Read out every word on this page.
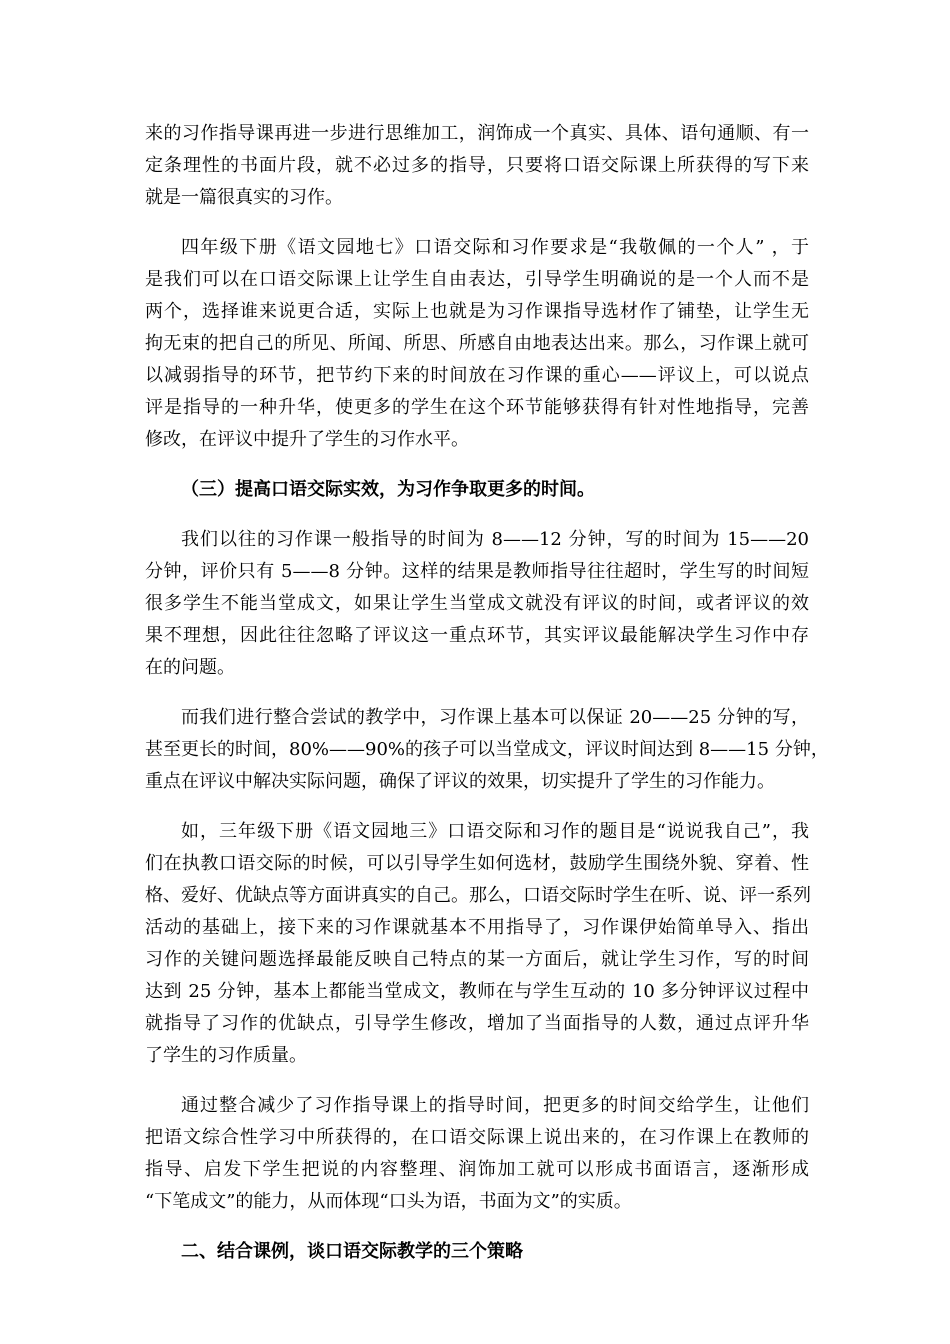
来的习作指导课再进一步进行思维加工，润饰成一个真实、具体、语句通顺、有一
定条理性的书面片段，就不必过多的指导，只要将口语交际课上所获得的写下来
就是一篇很真实的习作。
四年级下册《语文园地七》口语交际和习作要求是“我敬佩的一个人” ，于
是我们可以在口语交际课上让学生自由表达，引导学生明确说的是一个人而不是
两个，选择谁来说更合适，实际上也就是为习作课指导选材作了铺垫，让学生无
拘无束的把自己的所见、所闻、所思、所感自由地表达出来。那么，习作课上就可
以减弱指导的环节，把节约下来的时间放在习作课的重心——评议上，可以说点
评是指导的一种升华，使更多的学生在这个环节能够获得有针对性地指导，完善
修改，在评议中提升了学生的习作水平。
（三）提高口语交际实效，为习作争取更多的时间。
我们以往的习作课一般指导的时间为 8——12 分钟，写的时间为 15——20
分钟，评价只有 5——8 分钟。这样的结果是教师指导往往超时，学生写的时间短
很多学生不能当堂成文，如果让学生当堂成文就没有评议的时间，或者评议的效
果不理想，因此往往忽略了评议这一重点环节，其实评议最能解决学生习作中存
在的问题。
而我们进行整合尝试的教学中，习作课上基本可以保证 20——25 分钟的写，
甚至更长的时间，80%——90%的孩子可以当堂成文，评议时间达到 8——15 分钟，
重点在评议中解决实际问题，确保了评议的效果，切实提升了学生的习作能力。
如，三年级下册《语文园地三》口语交际和习作的题目是“说说我自己”，我
们在执教口语交际的时候，可以引导学生如何选材，鼓励学生围绕外貌、穿着、性
格、爱好、优缺点等方面讲真实的自己。那么，口语交际时学生在听、说、评一系列
活动的基础上，接下来的习作课就基本不用指导了，习作课伊始简单导入、指出
习作的关键问题选择最能反映自己特点的某一方面后，就让学生习作，写的时间
达到 25 分钟，基本上都能当堂成文，教师在与学生互动的 10 多分钟评议过程中
就指导了习作的优缺点，引导学生修改，增加了当面指导的人数，通过点评升华
了学生的习作质量。
通过整合减少了习作指导课上的指导时间，把更多的时间交给学生，让他们
把语文综合性学习中所获得的，在口语交际课上说出来的，在习作课上在教师的
指导、启发下学生把说的内容整理、润饰加工就可以形成书面语言，逐渐形成
“下笔成文”的能力，从而体现“口头为语，书面为文”的实质。
二、结合课例，谈口语交际教学的三个策略
